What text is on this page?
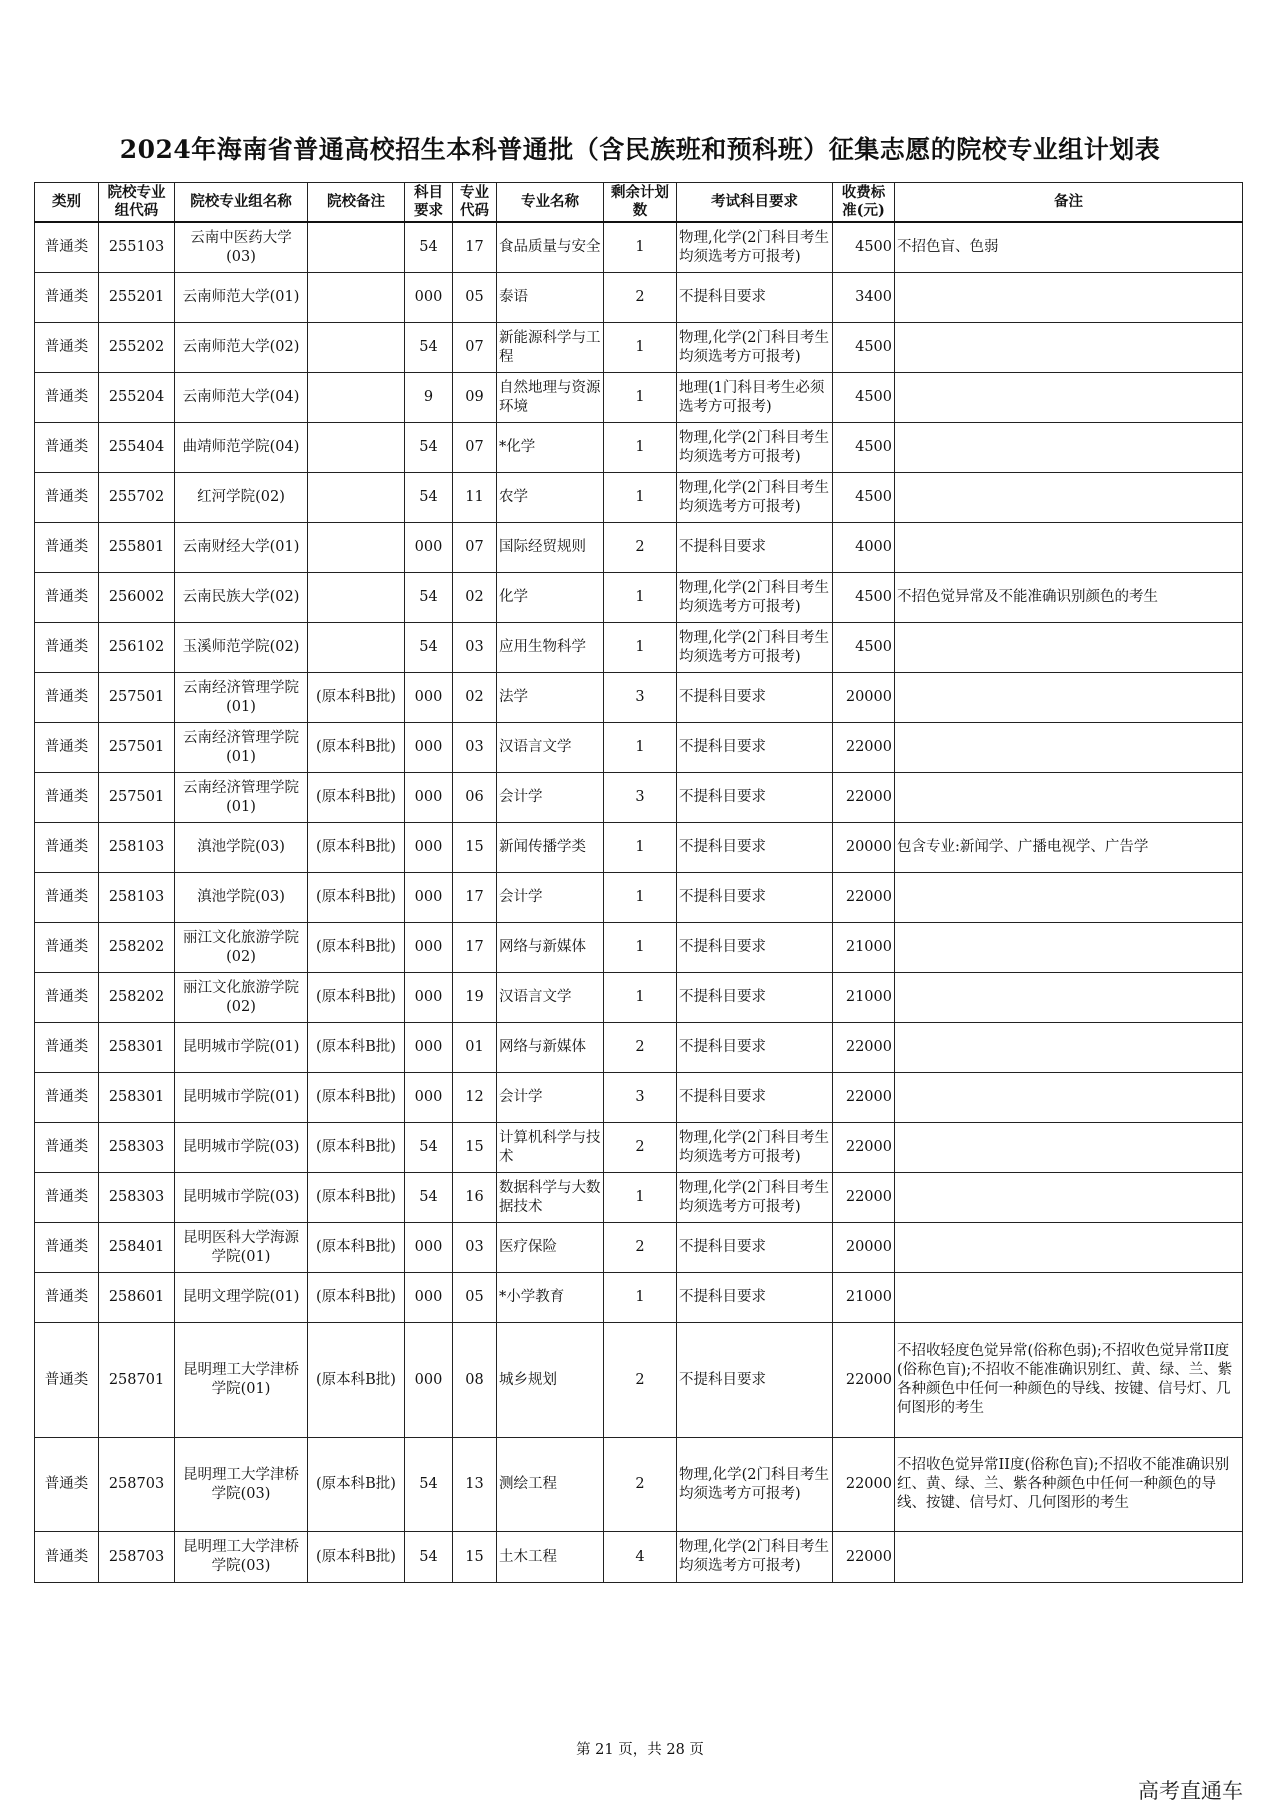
2024年海南省普通高校招生本科普通批（含民族班和预科班）征集志愿的院校专业组计划表
类别	院校专业组代码	院校专业组名称	院校备注	科目要求	专业代码	专业名称	剩余计划数	考试科目要求	收费标准(元)	备注
普通类	255103	云南中医药大学(03)		54	17	食品质量与安全	1	物理,化学(2门科目考生均须选考方可报考)	4500	不招色盲、色弱
普通类	255201	云南师范大学(01)		000	05	泰语	2	不提科目要求	3400	
普通类	255202	云南师范大学(02)		54	07	新能源科学与工程	1	物理,化学(2门科目考生均须选考方可报考)	4500	
普通类	255204	云南师范大学(04)		9	09	自然地理与资源环境	1	地理(1门科目考生必须选考方可报考)	4500	
普通类	255404	曲靖师范学院(04)		54	07	*化学	1	物理,化学(2门科目考生均须选考方可报考)	4500	
普通类	255702	红河学院(02)		54	11	农学	1	物理,化学(2门科目考生均须选考方可报考)	4500	
普通类	255801	云南财经大学(01)		000	07	国际经贸规则	2	不提科目要求	4000	
普通类	256002	云南民族大学(02)		54	02	化学	1	物理,化学(2门科目考生均须选考方可报考)	4500	不招色觉异常及不能准确识别颜色的考生
普通类	256102	玉溪师范学院(02)		54	03	应用生物科学	1	物理,化学(2门科目考生均须选考方可报考)	4500	
普通类	257501	云南经济管理学院(01)	(原本科B批)	000	02	法学	3	不提科目要求	20000	
普通类	257501	云南经济管理学院(01)	(原本科B批)	000	03	汉语言文学	1	不提科目要求	22000	
普通类	257501	云南经济管理学院(01)	(原本科B批)	000	06	会计学	3	不提科目要求	22000	
普通类	258103	滇池学院(03)	(原本科B批)	000	15	新闻传播学类	1	不提科目要求	20000	包含专业:新闻学、广播电视学、广告学
普通类	258103	滇池学院(03)	(原本科B批)	000	17	会计学	1	不提科目要求	22000	
普通类	258202	丽江文化旅游学院(02)	(原本科B批)	000	17	网络与新媒体	1	不提科目要求	21000	
普通类	258202	丽江文化旅游学院(02)	(原本科B批)	000	19	汉语言文学	1	不提科目要求	21000	
普通类	258301	昆明城市学院(01)	(原本科B批)	000	01	网络与新媒体	2	不提科目要求	22000	
普通类	258301	昆明城市学院(01)	(原本科B批)	000	12	会计学	3	不提科目要求	22000	
普通类	258303	昆明城市学院(03)	(原本科B批)	54	15	计算机科学与技术	2	物理,化学(2门科目考生均须选考方可报考)	22000	
普通类	258303	昆明城市学院(03)	(原本科B批)	54	16	数据科学与大数据技术	1	物理,化学(2门科目考生均须选考方可报考)	22000	
普通类	258401	昆明医科大学海源学院(01)	(原本科B批)	000	03	医疗保险	2	不提科目要求	20000	
普通类	258601	昆明文理学院(01)	(原本科B批)	000	05	*小学教育	1	不提科目要求	21000	
普通类	258701	昆明理工大学津桥学院(01)	(原本科B批)	000	08	城乡规划	2	不提科目要求	22000	不招收轻度色觉异常(俗称色弱);不招收色觉异常II度(俗称色盲);不招收不能准确识别红、黄、绿、兰、紫各种颜色中任何一种颜色的导线、按键、信号灯、几何图形的考生
普通类	258703	昆明理工大学津桥学院(03)	(原本科B批)	54	13	测绘工程	2	物理,化学(2门科目考生均须选考方可报考)	22000	不招收色觉异常II度(俗称色盲);不招收不能准确识别红、黄、绿、兰、紫各种颜色中任何一种颜色的导线、按键、信号灯、几何图形的考生
普通类	258703	昆明理工大学津桥学院(03)	(原本科B批)	54	15	土木工程	4	物理,化学(2门科目考生均须选考方可报考)	22000	
第 21 页，共 28 页
高考直通车
